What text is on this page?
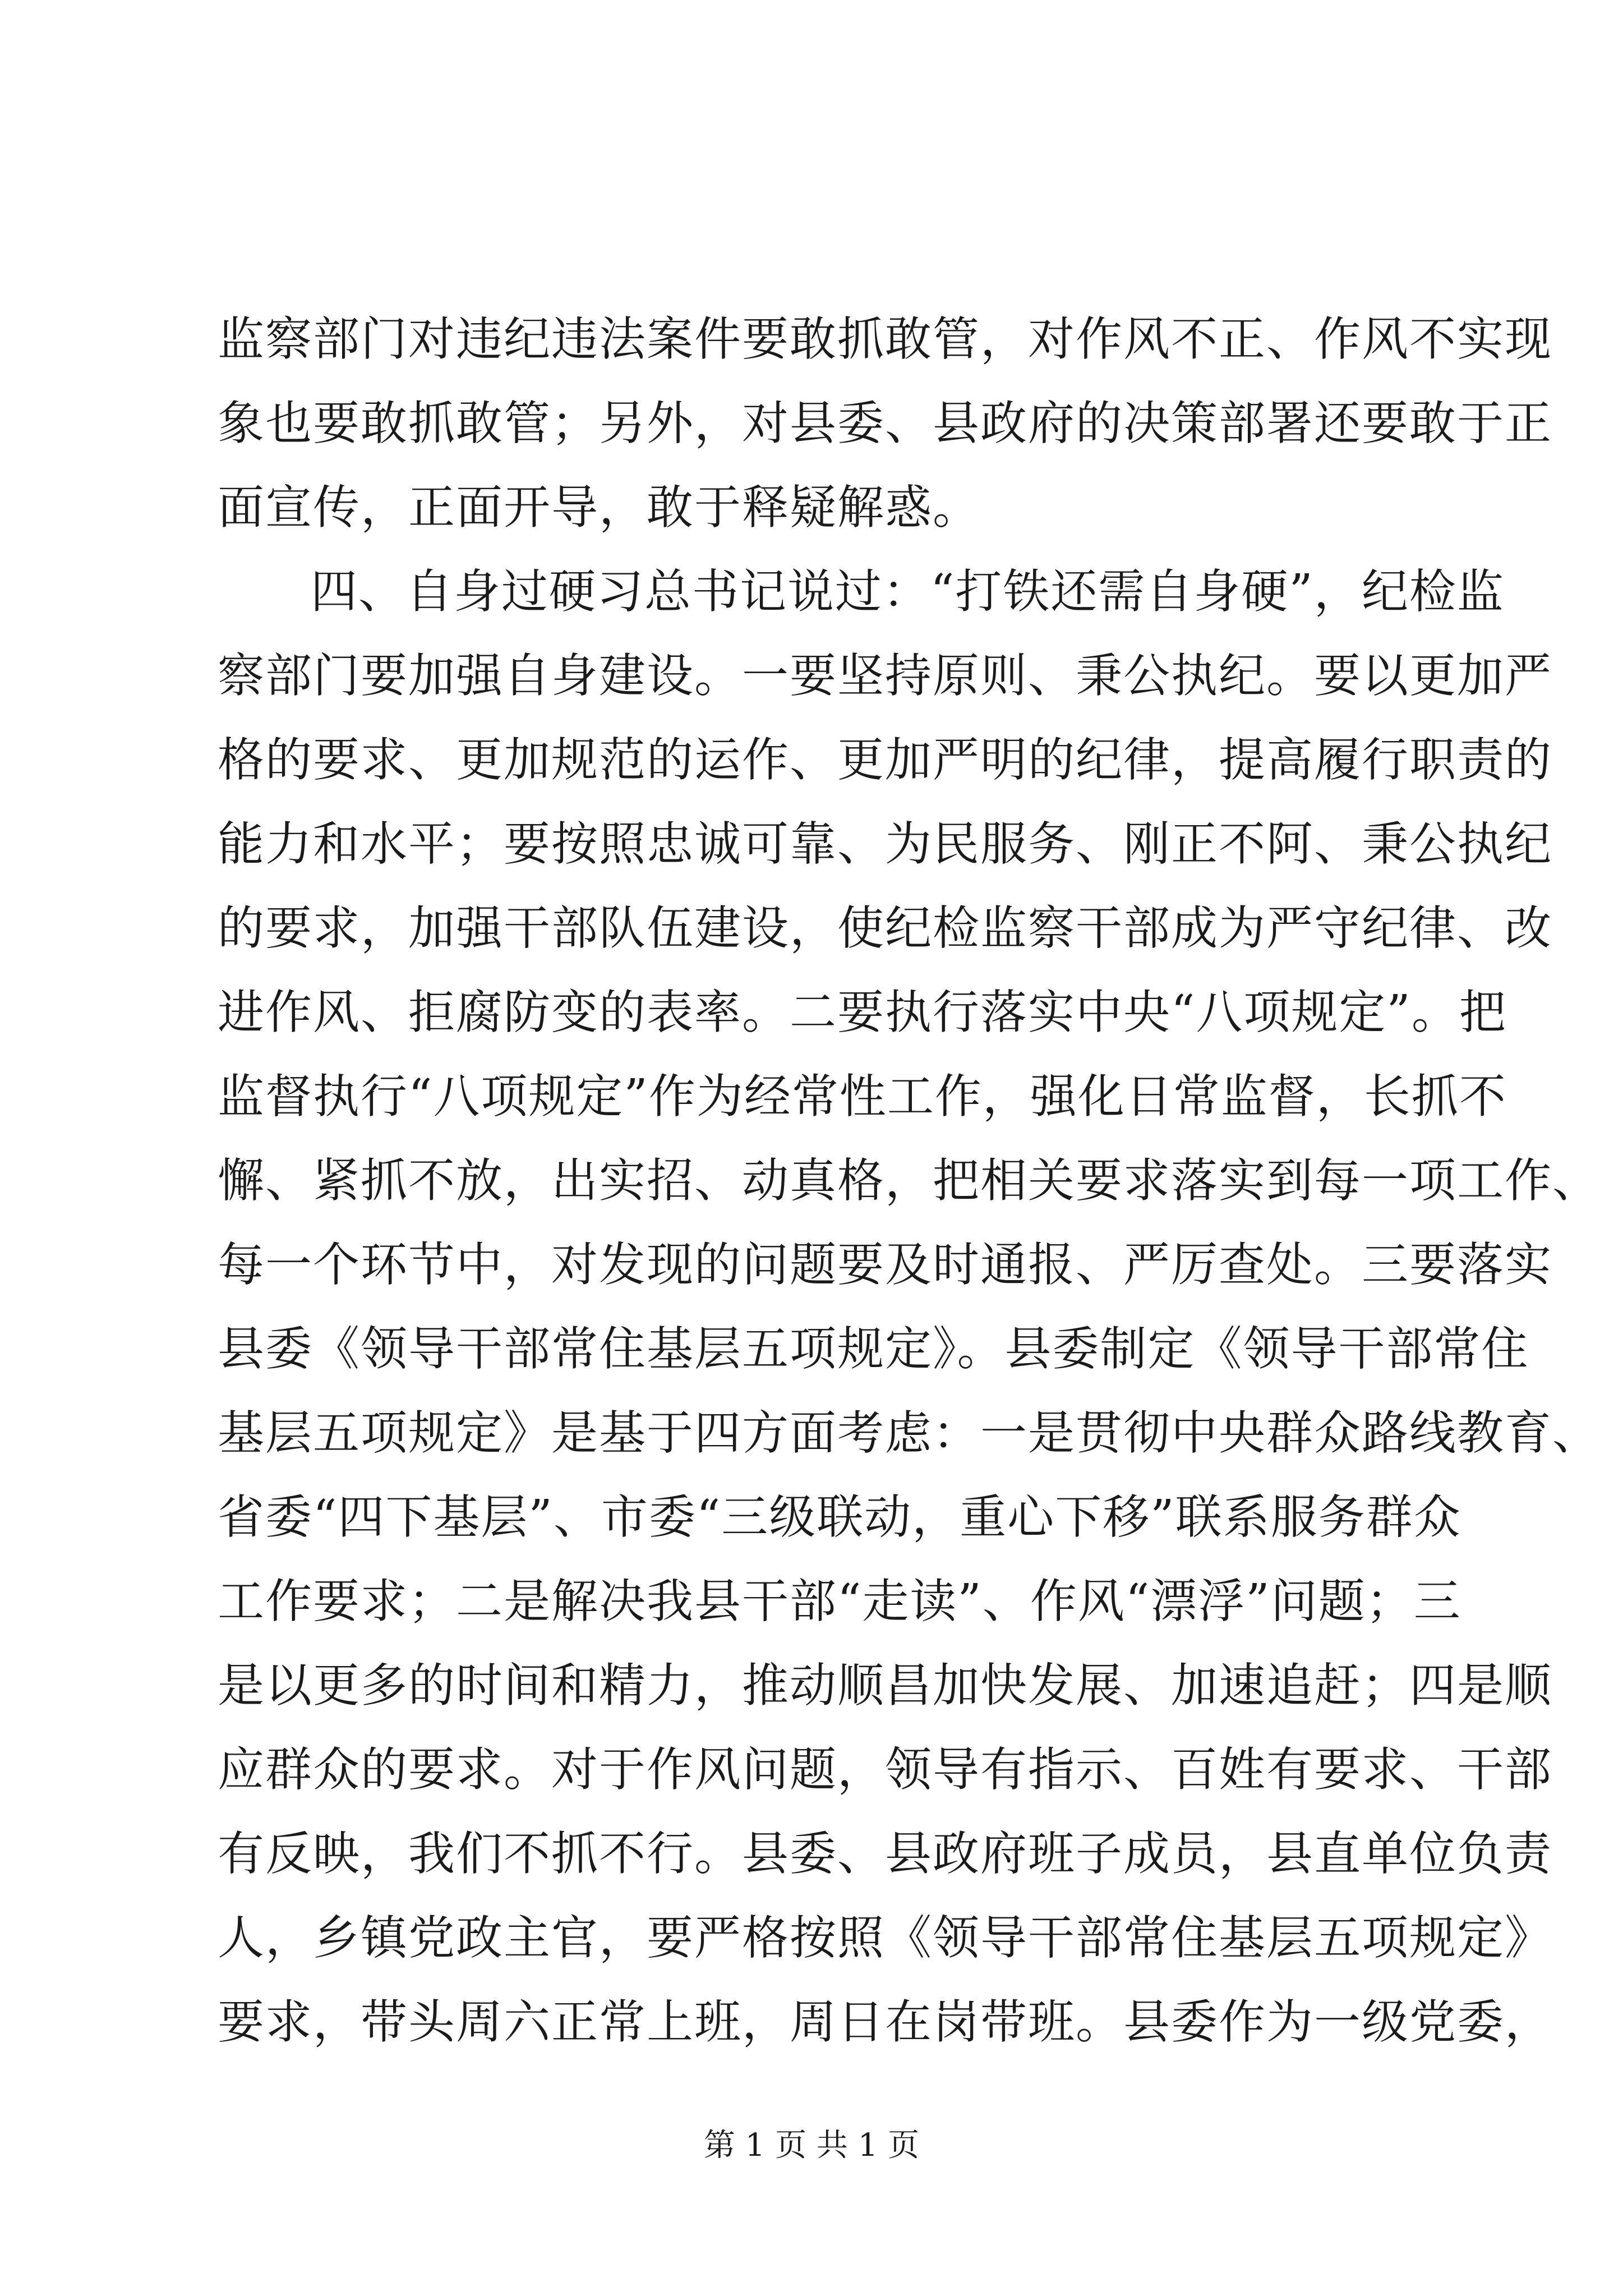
监察部门对违纪违法案件要敢抓敢管，对作风不正、作风不实现
象也要敢抓敢管；另外，对县委、县政府的决策部署还要敢于正
面宣传，正面开导，敢于释疑解惑。
四、自身过硬习总书记说过：“打铁还需自身硬”，纪检监
察部门要加强自身建设。一要坚持原则、秉公执纪。要以更加严
格的要求、更加规范的运作、更加严明的纪律，提高履行职责的
能力和水平；要按照忠诚可靠、为民服务、刚正不阿、秉公执纪
的要求，加强干部队伍建设，使纪检监察干部成为严守纪律、改
进作风、拒腐防变的表率。二要执行落实中央“八项规定”。把
监督执行“八项规定”作为经常性工作，强化日常监督，长抓不
懈、紧抓不放，出实招、动真格，把相关要求落实到每一项工作、
每一个环节中，对发现的问题要及时通报、严厉查处。三要落实
县委《领导干部常住基层五项规定》。县委制定《领导干部常住
基层五项规定》是基于四方面考虑：一是贯彻中央群众路线教育、
省委“四下基层”、市委“三级联动，重心下移”联系服务群众
工作要求；二是解决我县干部“走读”、作风“漂浮”问题；三
是以更多的时间和精力，推动顺昌加快发展、加速追赶；四是顺
应群众的要求。对于作风问题，领导有指示、百姓有要求、干部
有反映，我们不抓不行。县委、县政府班子成员，县直单位负责
人，乡镇党政主官，要严格按照《领导干部常住基层五项规定》
要求，带头周六正常上班，周日在岗带班。县委作为一级党委，
第 1 页 共 1 页
